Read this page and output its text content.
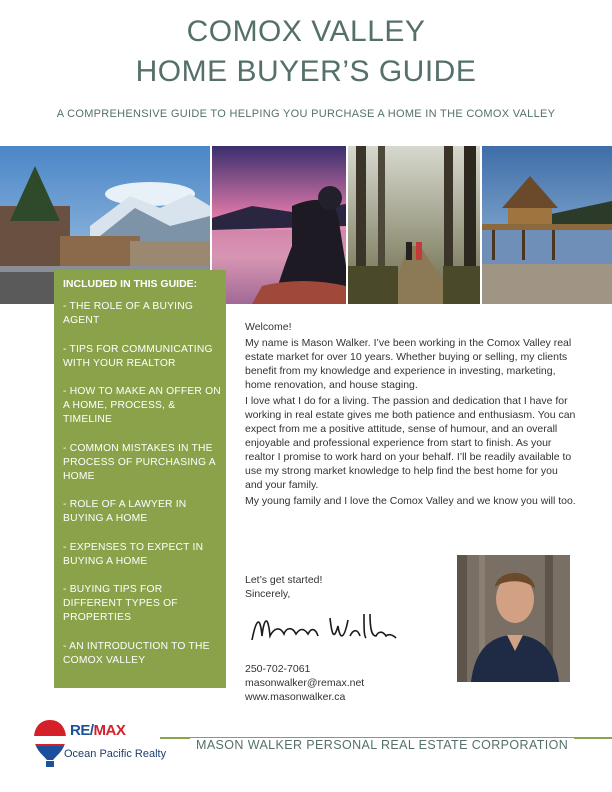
COMOX VALLEY
HOME BUYER’S GUIDE
A COMPREHENSIVE GUIDE TO HELPING YOU PURCHASE A HOME IN THE COMOX VALLEY
INCLUDED IN THIS GUIDE:
- THE ROLE OF A BUYING AGENT
- TIPS FOR COMMUNICATING WITH YOUR REALTOR
- HOW TO MAKE AN OFFER ON A HOME, PROCESS, & TIMELINE
- COMMON MISTAKES IN THE PROCESS OF PURCHASING A HOME
- ROLE OF A LAWYER IN BUYING A HOME
- EXPENSES TO EXPECT IN BUYING A HOME
- BUYING TIPS FOR DIFFERENT TYPES OF PROPERTIES
- AN INTRODUCTION TO THE COMOX VALLEY

Welcome!

My name is Mason Walker. I’ve been working in the Comox Valley real estate market for over 10 years. Whether buying or selling, my clients benefit from my knowledge and experience in investing, marketing, home renovation, and house staging.

I love what I do for a living. The passion and dedication that I have for working in real estate gives me both patience and enthusiasm. You can expect from me a positive attitude, sense of humour, and an overall enjoyable and professional experience from start to finish. As your realtor I promise to work hard on your behalf. I’ll be readily available to use my strong market knowledge to help find the best home for you and your family.

My young family and I love the Comox Valley and we know you will too.

Let’s get started!
Sincerely,
250-702-7061
masonwalker@remax.net
www.masonwalker.ca
RE/MAX
Ocean Pacific Realty
MASON WALKER PERSONAL REAL ESTATE CORPORATION
